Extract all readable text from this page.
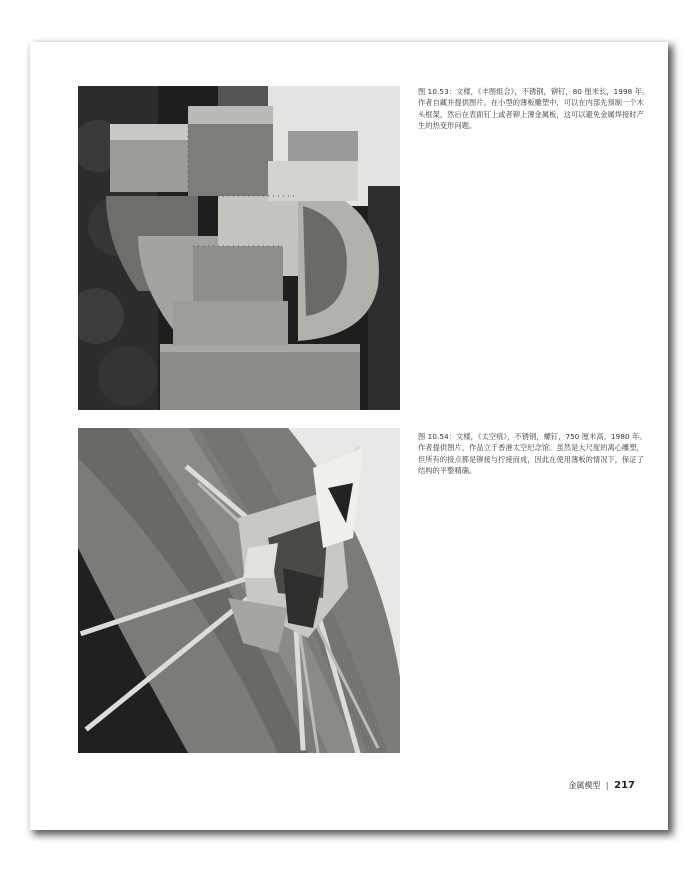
图 10.53：文楼，《丰图组合》，不锈钢，铆钉，80 厘米长，1998 年。作者自藏并提供图片。在小型的薄板雕塑中，可以在内部先预制一个木头框架，然后在表面钉上或者铆上薄金属板，这可以避免金属焊接时产生的热变形问题。
图 10.54：文楼，《太空痕》，不锈钢，螺钉，750 厘米高，1980 年。作者提供图片，作品立于香港太空纪念馆。虽然是大尺度的离心雕塑，但所有的接点都是铆接与拧接而成，因此在使用薄板的情况下，保证了结构的平整精确。
金属模型 | 217
